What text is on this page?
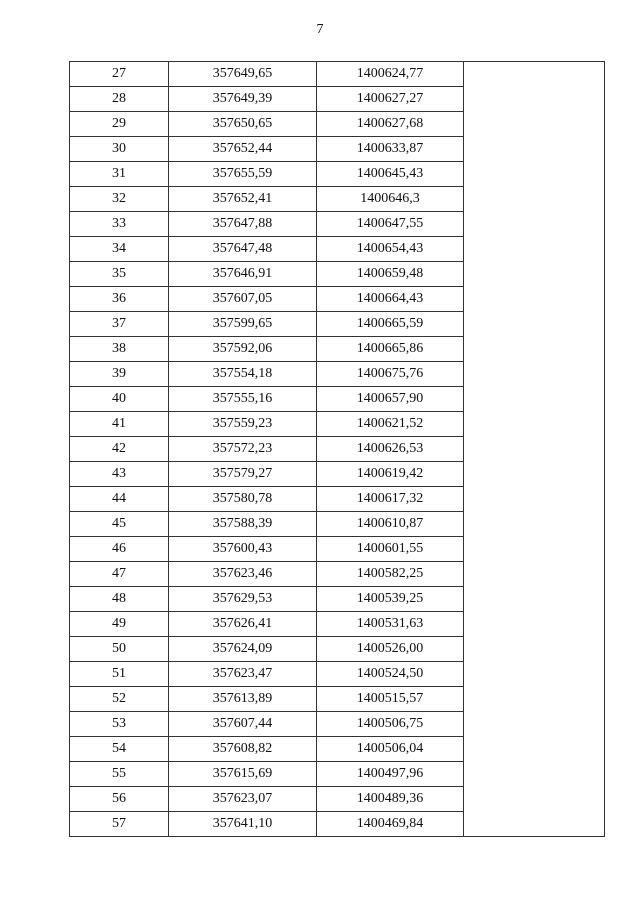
7
27	357649,65	1400624,77	
28	357649,39	1400627,27	
29	357650,65	1400627,68	
30	357652,44	1400633,87	
31	357655,59	1400645,43	
32	357652,41	1400646,3	
33	357647,88	1400647,55	
34	357647,48	1400654,43	
35	357646,91	1400659,48	
36	357607,05	1400664,43	
37	357599,65	1400665,59	
38	357592,06	1400665,86	
39	357554,18	1400675,76	
40	357555,16	1400657,90	
41	357559,23	1400621,52	
42	357572,23	1400626,53	
43	357579,27	1400619,42	
44	357580,78	1400617,32	
45	357588,39	1400610,87	
46	357600,43	1400601,55	
47	357623,46	1400582,25	
48	357629,53	1400539,25	
49	357626,41	1400531,63	
50	357624,09	1400526,00	
51	357623,47	1400524,50	
52	357613,89	1400515,57	
53	357607,44	1400506,75	
54	357608,82	1400506,04	
55	357615,69	1400497,96	
56	357623,07	1400489,36	
57	357641,10	1400469,84	
